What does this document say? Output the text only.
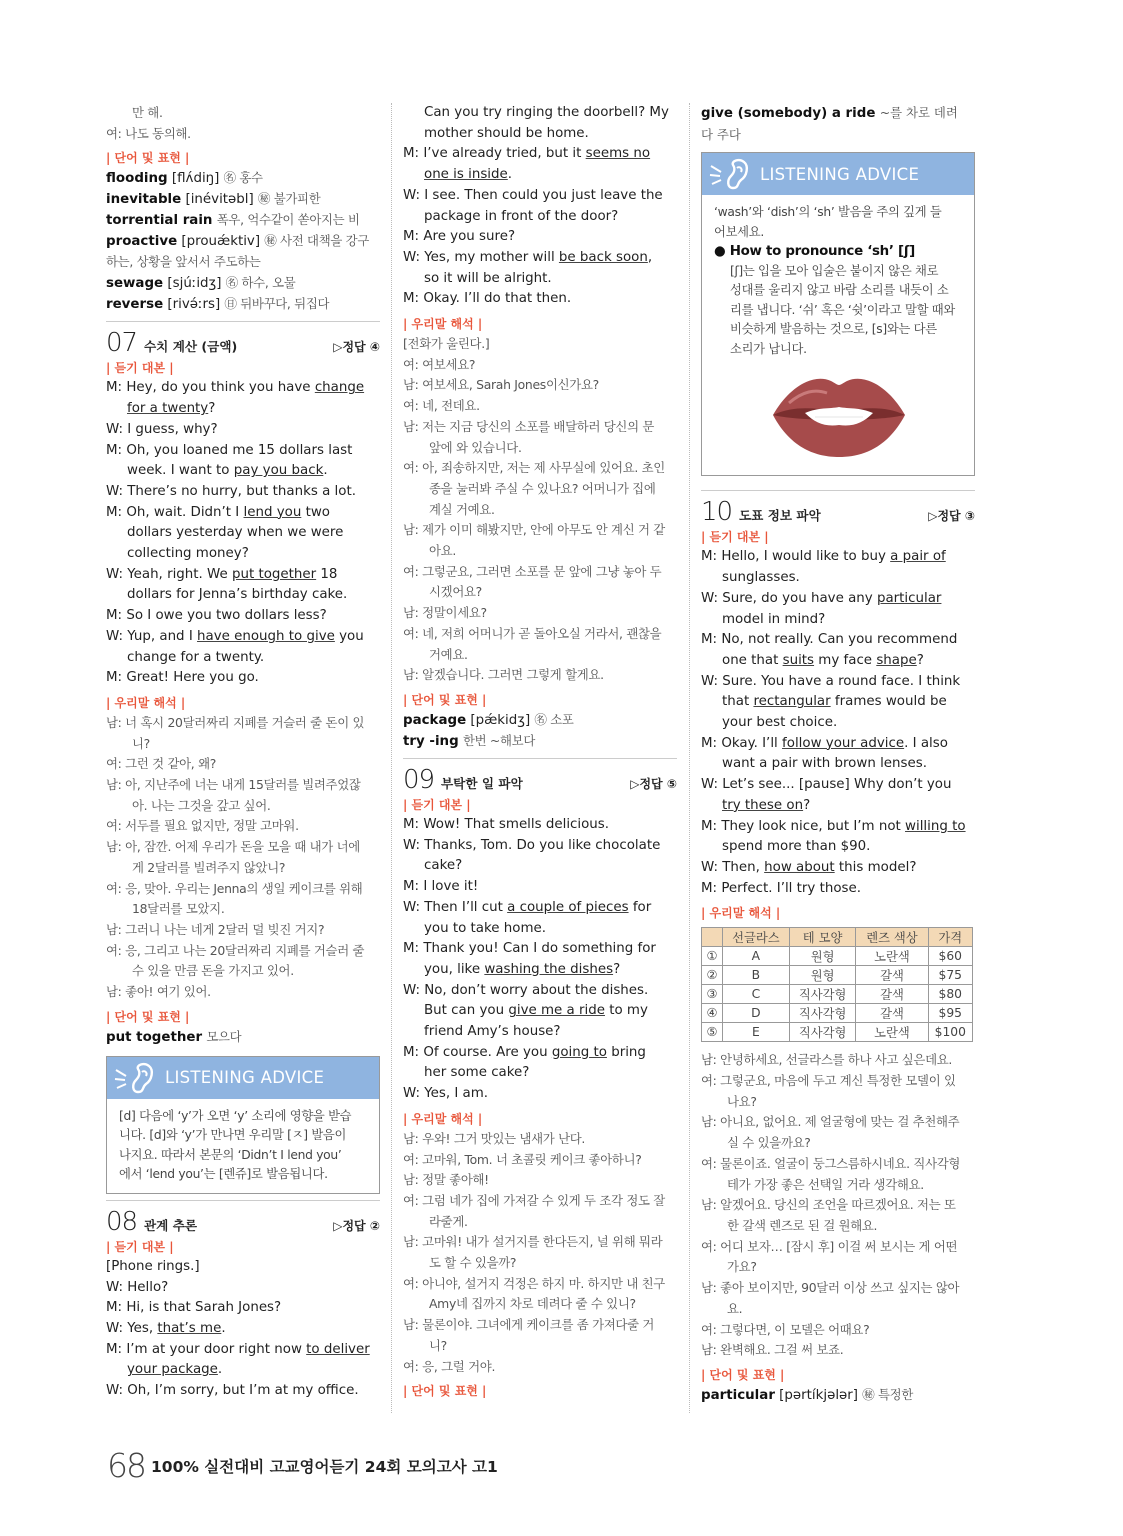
만 해.
여: 나도 동의해.
| 단어 및 표현 |
flooding [flʌ́diŋ] ㊔ 홍수
inevitable [inévitəbl] ㊙ 불가피한
torrential rain 폭우, 억수같이 쏟아지는 비
proactive [prouǽktiv] ㊙ 사전 대책을 강구
하는, 상황을 앞서서 주도하는
sewage [sjúːidʒ] ㊔ 하수, 오물
reverse [rivə́ːrs] ㊐ 뒤바꾸다, 뒤집다
07 수치 계산 (금액)	▷정답 ④
| 듣기 대본 |
M: Hey, do you think you have change
for a twenty?
W: I guess, why?
M: Oh, you loaned me 15 dollars last
week. I want to pay you back.
W: There’s no hurry, but thanks a lot.
M: Oh, wait. Didn’t I lend you two
dollars yesterday when we were
collecting money?
W: Yeah, right. We put together 18
dollars for Jenna’s birthday cake.
M: So I owe you two dollars less?
W: Yup, and I have enough to give you
change for a twenty.
M: Great! Here you go.
| 우리말 해석 |
남: 너 혹시 20달러짜리 지폐를 거슬러 줄 돈이 있
니?
여: 그런 것 같아, 왜?
남: 아, 지난주에 너는 내게 15달러를 빌려주었잖
아. 나는 그것을 갚고 싶어.
여: 서두를 필요 없지만, 정말 고마워.
남: 아, 잠깐. 어제 우리가 돈을 모을 때 내가 너에
게 2달러를 빌려주지 않았니?
여: 응, 맞아. 우리는 Jenna의 생일 케이크를 위해
18달러를 모았지.
남: 그러니 나는 네게 2달러 덜 빚진 거지?
여: 응, 그리고 나는 20달러짜리 지폐를 거슬러 줄
수 있을 만큼 돈을 가지고 있어.
남: 좋아! 여기 있어.
| 단어 및 표현 |
put together 모으다
LISTENING ADVICE
[d] 다음에 ‘y’가 오면 ‘y’ 소리에 영향을 받습
니다. [d]와 ‘y’가 만나면 우리말 [ㅈ] 발음이
나지요. 따라서 본문의 ‘Didn’t I lend you’
에서 ‘lend you’는 [렌쥬]로 발음됩니다.
08 관계 추론	▷정답 ②
| 듣기 대본 |
[Phone rings.]
W: Hello?
M: Hi, is that Sarah Jones?
W: Yes, that’s me.
M: I’m at your door right now to deliver
your package.
W: Oh, I’m sorry, but I’m at my office.
Can you try ringing the doorbell? My
mother should be home.
M: I’ve already tried, but it seems no
one is inside.
W: I see. Then could you just leave the
package in front of the door?
M: Are you sure?
W: Yes, my mother will be back soon,
so it will be alright.
M: Okay. I’ll do that then.
| 우리말 해석 |
[전화가 울린다.]
여: 여보세요?
남: 여보세요, Sarah Jones이신가요?
여: 네, 전데요.
남: 저는 지금 당신의 소포를 배달하러 당신의 문
앞에 와 있습니다.
여: 아, 죄송하지만, 저는 제 사무실에 있어요. 초인
종을 눌러봐 주실 수 있나요? 어머니가 집에
계실 거예요.
남: 제가 이미 해봤지만, 안에 아무도 안 계신 거 같
아요.
여: 그렇군요, 그러면 소포를 문 앞에 그냥 놓아 두
시겠어요?
남: 정말이세요?
여: 네, 저희 어머니가 곧 돌아오실 거라서, 괜찮을
거예요.
남: 알겠습니다. 그러면 그렇게 할게요.
| 단어 및 표현 |
package [pǽkidʒ] ㊔ 소포
try -ing 한번 ~해보다
09 부탁한 일 파악	▷정답 ⑤
| 듣기 대본 |
M: Wow! That smells delicious.
W: Thanks, Tom. Do you like chocolate
cake?
M: I love it!
W: Then I’ll cut a couple of pieces for
you to take home.
M: Thank you! Can I do something for
you, like washing the dishes?
W: No, don’t worry about the dishes.
But can you give me a ride to my
friend Amy’s house?
M: Of course. Are you going to bring
her some cake?
W: Yes, I am.
| 우리말 해석 |
남: 우와! 그거 맛있는 냄새가 난다.
여: 고마워, Tom. 너 초콜릿 케이크 좋아하니?
남: 정말 좋아해!
여: 그럼 네가 집에 가져갈 수 있게 두 조각 정도 잘
라줄게.
남: 고마워! 내가 설거지를 한다든지, 널 위해 뭐라
도 할 수 있을까?
여: 아니야, 설거지 걱정은 하지 마. 하지만 내 친구
Amy네 집까지 차로 데려다 줄 수 있니?
남: 물론이야. 그녀에게 케이크를 좀 가져다줄 거
니?
여: 응, 그럴 거야.
| 단어 및 표현 |
give (somebody) a ride ~를 차로 데려
다 주다
LISTENING ADVICE
‘wash’와 ‘dish’의 ‘sh’ 발음을 주의 깊게 들
어보세요.
● How to pronounce ‘sh’ [ʃ]
[ʃ]는 입을 모아 입술은 붙이지 않은 채로
성대를 울리지 않고 바람 소리를 내듯이 소
리를 냅니다. ‘쉬’ 혹은 ‘쉿’이라고 말할 때와
비슷하게 발음하는 것으로, [s]와는 다른
소리가 납니다.
10 도표 정보 파악	▷정답 ③
| 듣기 대본 |
M: Hello, I would like to buy a pair of
sunglasses.
W: Sure, do you have any particular
model in mind?
M: No, not really. Can you recommend
one that suits my face shape?
W: Sure. You have a round face. I think
that rectangular frames would be
your best choice.
M: Okay. I’ll follow your advice. I also
want a pair with brown lenses.
W: Let’s see... [pause] Why don’t you
try these on?
M: They look nice, but I’m not willing to
spend more than $90.
W: Then, how about this model?
M: Perfect. I’ll try those.
| 우리말 해석 |
	선글라스	테 모양	렌즈 색상	가격
①	A	원형	노란색	$60
②	B	원형	갈색	$75
③	C	직사각형	갈색	$80
④	D	직사각형	갈색	$95
⑤	E	직사각형	노란색	$100
남: 안녕하세요, 선글라스를 하나 사고 싶은데요.
여: 그렇군요, 마음에 두고 계신 특정한 모델이 있
나요?
남: 아니요, 없어요. 제 얼굴형에 맞는 걸 추천해주
실 수 있을까요?
여: 물론이죠. 얼굴이 둥그스름하시네요. 직사각형
테가 가장 좋은 선택일 거라 생각해요.
남: 알겠어요. 당신의 조언을 따르겠어요. 저는 또
한 갈색 렌즈로 된 걸 원해요.
여: 어디 보자… [잠시 후] 이걸 써 보시는 게 어떤
가요?
남: 좋아 보이지만, 90달러 이상 쓰고 싶지는 않아
요.
여: 그렇다면, 이 모델은 어때요?
남: 완벽해요. 그걸 써 보죠.
| 단어 및 표현 |
particular [pərtíkjələr] ㊙ 특정한
68 100% 실전대비 고교영어듣기 24회 모의고사 고1
